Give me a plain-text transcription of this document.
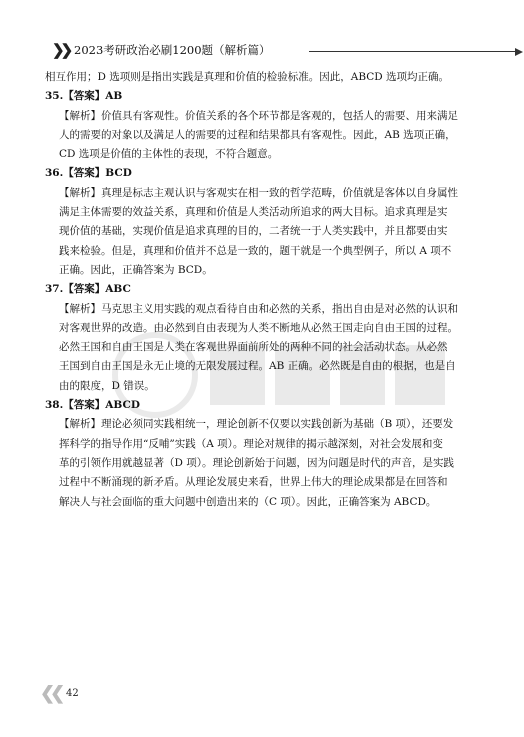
❯❯ 2023考研政治必刷1200题（解析篇）
相互作用；D 选项则是指出实践是真理和价值的检验标准。因此，ABCD 选项均正确。
35.【答案】AB
【解析】价值具有客观性。价值关系的各个环节都是客观的，包括人的需要、用来满足
人的需要的对象以及满足人的需要的过程和结果都具有客观性。因此，AB 选项正确，
CD 选项是价值的主体性的表现，不符合题意。
36.【答案】BCD
【解析】真理是标志主观认识与客观实在相一致的哲学范畴，价值就是客体以自身属性
满足主体需要的效益关系，真理和价值是人类活动所追求的两大目标。追求真理是实
现价值的基础，实现价值是追求真理的目的，二者统一于人类实践中，并且都要由实
践来检验。但是，真理和价值并不总是一致的，题干就是一个典型例子，所以 A 项不
正确。因此，正确答案为 BCD。
37.【答案】ABC
【解析】马克思主义用实践的观点看待自由和必然的关系，指出自由是对必然的认识和
对客观世界的改造。由必然到自由表现为人类不断地从必然王国走向自由王国的过程。
必然王国和自由王国是人类在客观世界面前所处的两种不同的社会活动状态。从必然
王国到自由王国是永无止境的无限发展过程。AB 正确。必然既是自由的根据，也是自
由的限度，D 错误。
38.【答案】ABCD
【解析】理论必须同实践相统一，理论创新不仅要以实践创新为基础（B 项），还要发
挥科学的指导作用“反哺”实践（A 项）。理论对规律的揭示越深刻，对社会发展和变
革的引领作用就越显著（D 项）。理论创新始于问题，因为问题是时代的声音，是实践
过程中不断涌现的新矛盾。从理论发展史来看，世界上伟大的理论成果都是在回答和
解决人与社会面临的重大问题中创造出来的（C 项）。因此，正确答案为 ABCD。
❮❮ 42
